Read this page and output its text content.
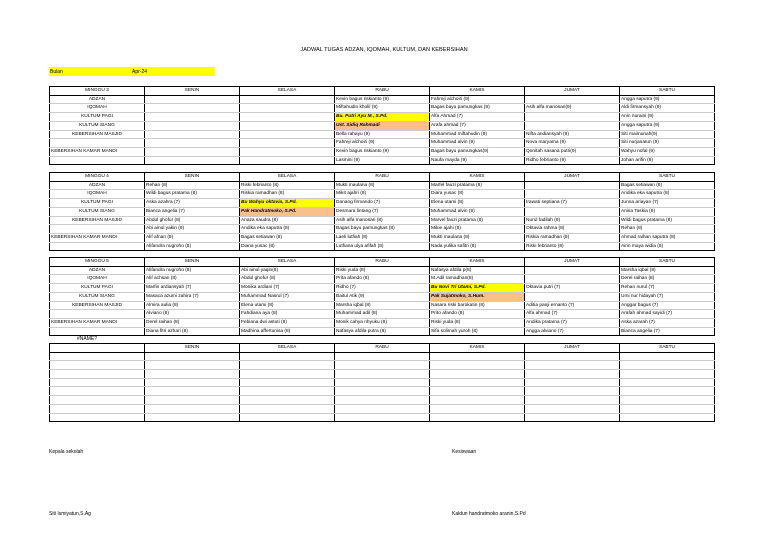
JADWAL TUGAS ADZAN, IQOMAH, KULTUM, DAN KEBERSIHAN
Bulan	Apr-24
MINGGU 3	SENIN	SELASA	RABU	KAMIS	JUMAT	SABTU
ADZAN			Kevin bagus riskianto (9)	Fahreji alchoiri (9)		Angga saputra (9)
IQOMAH			Miftahudin kholil (9)	Bagas bayu pamungkas (9)	Asih alfa manosari(9)	Aldi firmansyah (9)
KULTUM PAGI			Bu. Putri Ayu M., S.Pd.	Alfa Ahmad (7)		Anin nuraini (9)
KULTUM SIANG			Ust. Sidiq Rahmadi	Arafa ahmad (7)		Angga saputra (9)
KEBERSIHAN MASJID			Bella rahayu (9)	Muhammad miftahudin (9)	Nifta andiansyah (9)	Siti maimunah(9)
			Fahreji alchoiri (9)	Muhammad alvin (9)	Nova maryama (9)	Siti nurjanatun (9)
KEBERSIHAN KAMAR MANDI			Kevin bagus riskianto (9)	Bagas bayu pamungkas(9)	Qonitah sasana putri(9)	Wahyu nofal (9)
			Lasmini (9)	Naufa mayda (9)	Ridho febrianto (9)	Johan arifin (8)
MINGGU 4	SENIN	SELASA	RABU	KAMIS	JUMAT	SABTU
ADZAN	Rehan (8)	Riski febrianto (8)	Mukti maulana (8)	Marfel fauzi pratama (8)		Bagas setiawan (8)
IQOMAH	Wildi bagus pratama (8)	Riskia ramadhan (8)	Mikit ajahri (8)	Diara yusac (8)		Andika eka saputra (8)
KULTUM PAGI	Aska azahra (7)	Bu Wahyu oktavia, S.Pd.	Danang firmando (7)	Elena utami (8)	Irawati septiana (7)	Junna ariayan (7)
KULTUM SIANG	Bianca angelia (7)	Pak Handratmoko, S.Pd.	Desmara lintang (7)	Muhammad alvin (9)		Anisa Taskia (9)
KEBERSIHAN MASJID	Abdul ghofur (8)	Anaza saudra (8)	Asih alfa manosari (8)	Marvel fauzi pratama (8)	Nurul fadilah (8)	Wildi bagus pratama (8)
	Abi ainul yakin (8)	Andika eka saputra (8)	Bagas bayu pamungkas (8)	Mikie ajahi (8)	Oktavia rahma (8)	Rehan (8)
KEBERSIHAN KAMAR MANDI	Alif afnan (8)	Bagas setiawan (8)	Laeli lutfiah (8)	Mukti maulana (8)	Riskia ramadhan (8)	Ahmad raihan saputra (8)
	Alifandra nugroho (8)	Diana yusac (8)	Lutfiana ulya afifah (8)	Nada yulika safitri (8)	Riski febrianto (8)	Airin maya widia (8)
MINGGU 5	SENIN	SELASA	RABU	KAMIS	JUMAT	SABTU
ADZAN	Alifandra nugroho (8)	Abi ainul yaqin(8)	Riski yuda (8)	Nafasya afdila p(8)		Marsha iqbal (8)
IQOMAH	Alif achsan (8)	Abdul ghofur (8)	Prita afando (8)	M.Adil ramadhan(8)		Derel raihan (8)
KULTUM PAGI	Marfin ardiansyah (7)	Monika ardiani (7)	Ridho (7)	Bu Novi Tri Utami, S.Pd.	Oktavia putri (7)	Rehan nurul (7)
KULTUM SIANG	Masaca azumi zahira (7)	Muhammad Nasrul (7)	Baitul Atik (9)	Pak Sujatmoko, S.Hum.		Umi nur hidayah (7)
KEBERSIHAN MASJID	Almira aulia (8)	Elena utami (8)	Marsha iqbal (8)	Nasara riski barokatin (8)	Aditia panji ernanto (7)	Anggar bagus (7)
	Alviano (8)	Fahdiana aya (8)	Muhammad adil (8)	Prito afando (8)	Alfa ahmad (7)	Arafah ahmad sayidi (7)
KEBERSIHAN KAMAR MANDI	Derel raihan (8)	Febiana dwi astuti (8)	Monik cahya nhyuku (8)	Riski yuda (8)	Andika pratama (7)	Aska azarah (7)
	Diana fitri azhari (8)	Madhina affertunisa (8)	Nafasya afdila putra (8)	Sifa solimah yuroh (8)	Angga alviano (7)	Bianca angelia (7)
	SENIN	SELASA	RABU	KAMIS	JUMAT	SABTU

#NAME?
Kepala sekolah
Siti Ismiyatun,S.Ag
Kesiswaan
Kaldun handratmoko aranin,S.Pd
